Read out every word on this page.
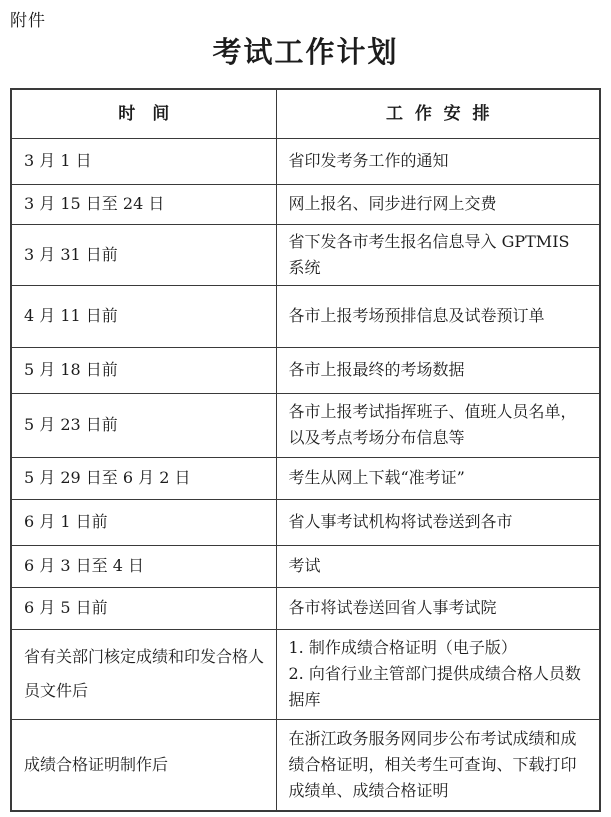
附件
考试工作计划
时　间	工  作  安  排
3 月 1 日	省印发考务工作的通知

3 月 15 日至 24 日	网上报名、同步进行网上交费

3 月 31 日前	省下发各市考生报名信息导入 GPTMIS 系统

4 月 11 日前	各市上报考场预排信息及试卷预订单

5 月 18 日前	各市上报最终的考场数据

5 月 23 日前	各市上报考试指挥班子、值班人员名单，以及考点考场分布信息等

5 月 29 日至 6 月 2 日	考生从网上下载“准考证”

6 月 1 日前	省人事考试机构将试卷送到各市

6 月 3 日至 4 日	考试

6 月 5 日前	各市将试卷送回省人事考试院

省有关部门核定成绩和印发合格人员文件后	1. 制作成绩合格证明（电子版）
2. 向省行业主管部门提供成绩合格人员数据库

成绩合格证明制作后	在浙江政务服务网同步公布考试成绩和成绩合格证明，相关考生可查询、下载打印成绩单、成绩合格证明
